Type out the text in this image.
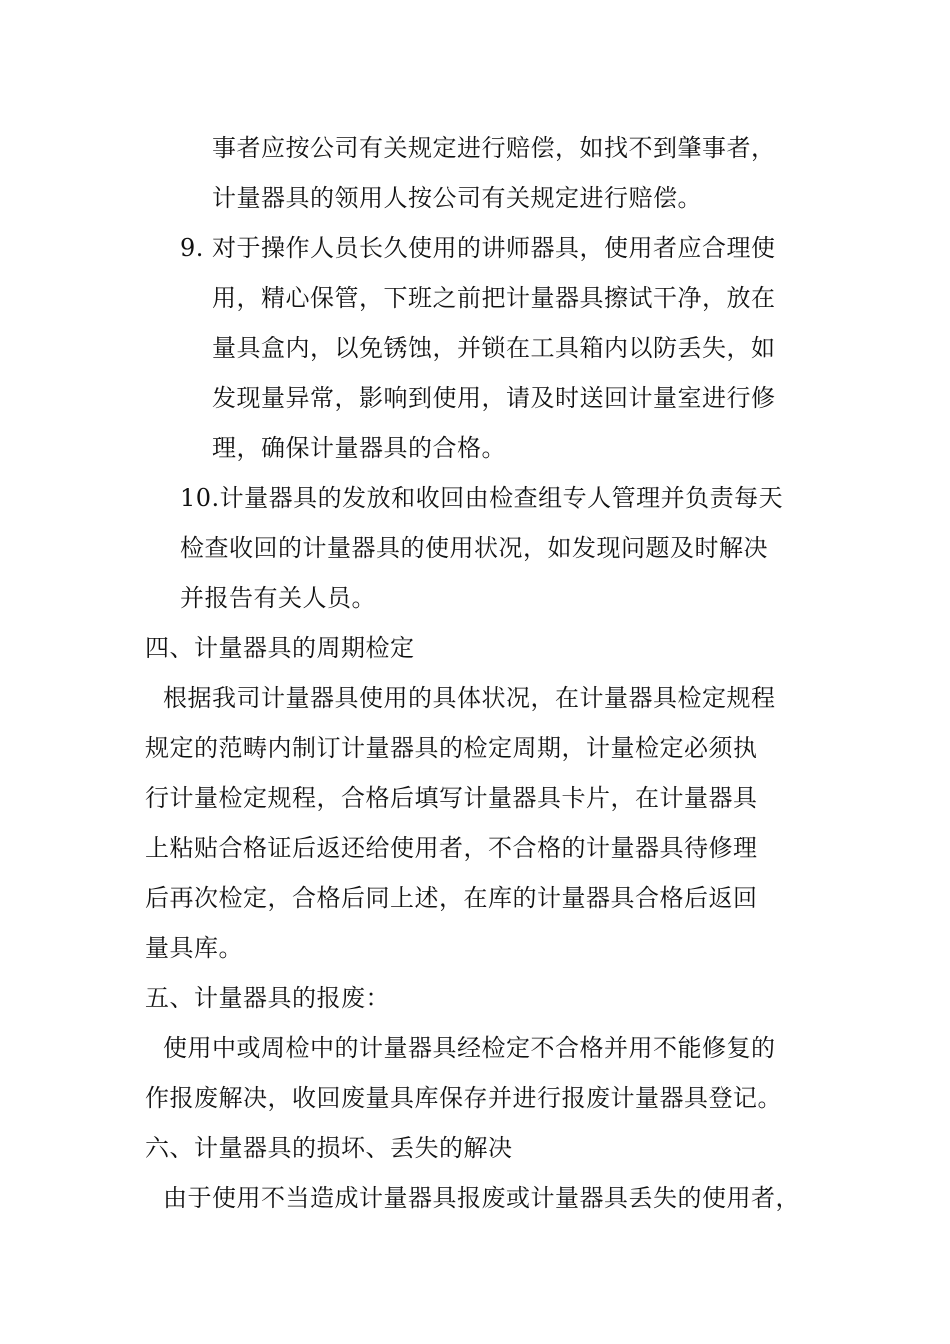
事者应按公司有关规定进行赔偿，如找不到肇事者，
计量器具的领用人按公司有关规定进行赔偿。
9. 对于操作人员长久使用的讲师器具，使用者应合理使
用，精心保管，下班之前把计量器具擦试干净，放在
量具盒内，以免锈蚀，并锁在工具箱内以防丢失，如
发现量异常，影响到使用，请及时送回计量室进行修
理，确保计量器具的合格。
10.计量器具的发放和收回由检查组专人管理并负责每天
检查收回的计量器具的使用状况，如发现问题及时解决
并报告有关人员。
四、计量器具的周期检定
根据我司计量器具使用的具体状况，在计量器具检定规程
规定的范畴内制订计量器具的检定周期，计量检定必须执
行计量检定规程，合格后填写计量器具卡片，在计量器具
上粘贴合格证后返还给使用者，不合格的计量器具待修理
后再次检定，合格后同上述，在库的计量器具合格后返回
量具库。
五、计量器具的报废：
使用中或周检中的计量器具经检定不合格并用不能修复的
作报废解决，收回废量具库保存并进行报废计量器具登记。
六、计量器具的损坏、丢失的解决
由于使用不当造成计量器具报废或计量器具丢失的使用者，
